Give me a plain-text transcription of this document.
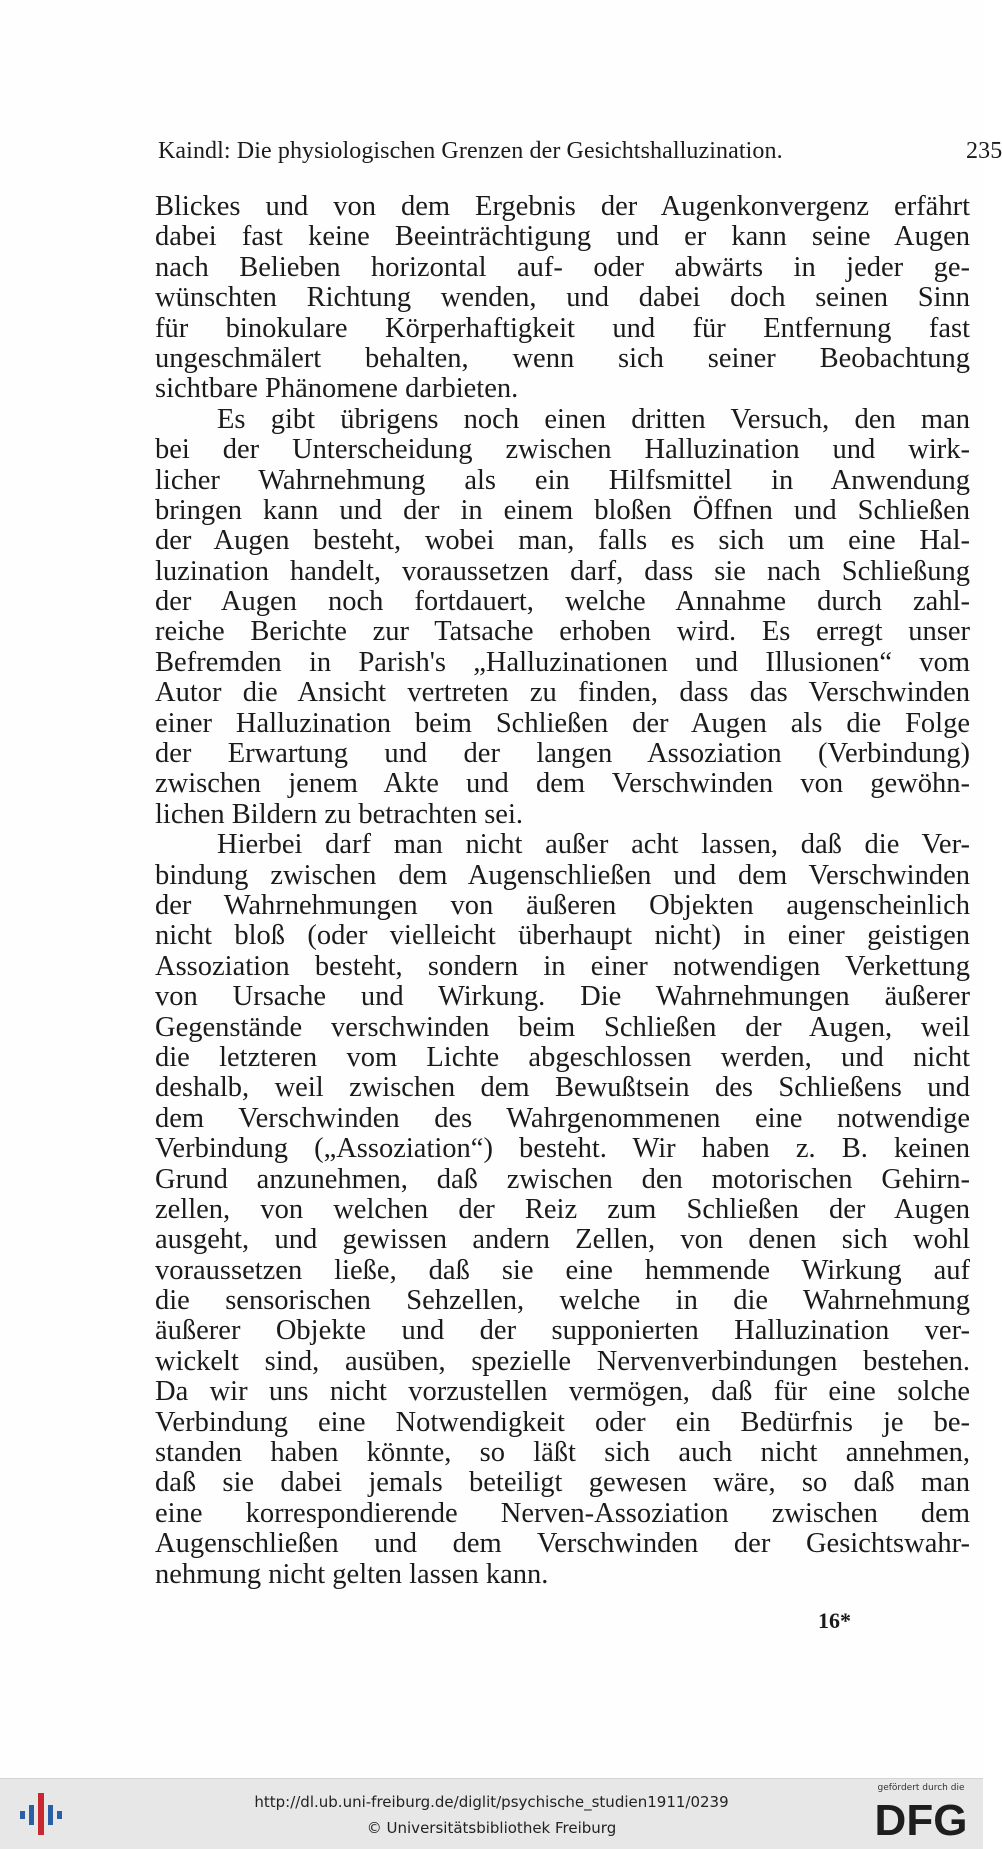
Kaindl: Die physiologischen Grenzen der Gesichtshalluzination.	235
Blickes und von dem Ergebnis der Augenkonvergenz erfährt
dabei fast keine Beeinträchtigung und er kann seine Augen
nach Belieben horizontal auf- oder abwärts in jeder ge-
wünschten Richtung wenden, und dabei doch seinen Sinn
für binokulare Körperhaftigkeit und für Entfernung fast
ungeschmälert behalten, wenn sich seiner Beobachtung
sichtbare Phänomene darbieten.
Es gibt übrigens noch einen dritten Versuch, den man
bei der Unterscheidung zwischen Halluzination und wirk-
licher Wahrnehmung als ein Hilfsmittel in Anwendung
bringen kann und der in einem bloßen Öffnen und Schließen
der Augen besteht, wobei man, falls es sich um eine Hal-
luzination handelt, voraussetzen darf, dass sie nach Schließung
der Augen noch fortdauert, welche Annahme durch zahl-
reiche Berichte zur Tatsache erhoben wird. Es erregt unser
Befremden in Parish's „Halluzinationen und Illusionen“ vom
Autor die Ansicht vertreten zu finden, dass das Verschwinden
einer Halluzination beim Schließen der Augen als die Folge
der Erwartung und der langen Assoziation (Verbindung)
zwischen jenem Akte und dem Verschwinden von gewöhn-
lichen Bildern zu betrachten sei.
Hierbei darf man nicht außer acht lassen, daß die Ver-
bindung zwischen dem Augenschließen und dem Verschwinden
der Wahrnehmungen von äußeren Objekten augenscheinlich
nicht bloß (oder vielleicht überhaupt nicht) in einer geistigen
Assoziation besteht, sondern in einer notwendigen Verkettung
von Ursache und Wirkung. Die Wahrnehmungen äußerer
Gegenstände verschwinden beim Schließen der Augen, weil
die letzteren vom Lichte abgeschlossen werden, und nicht
deshalb, weil zwischen dem Bewußtsein des Schließens und
dem Verschwinden des Wahrgenommenen eine notwendige
Verbindung („Assoziation“) besteht. Wir haben z. B. keinen
Grund anzunehmen, daß zwischen den motorischen Gehirn-
zellen, von welchen der Reiz zum Schließen der Augen
ausgeht, und gewissen andern Zellen, von denen sich wohl
voraussetzen ließe, daß sie eine hemmende Wirkung auf
die sensorischen Sehzellen, welche in die Wahrnehmung
äußerer Objekte und der supponierten Halluzination ver-
wickelt sind, ausüben, spezielle Nervenverbindungen bestehen.
Da wir uns nicht vorzustellen vermögen, daß für eine solche
Verbindung eine Notwendigkeit oder ein Bedürfnis je be-
standen haben könnte, so läßt sich auch nicht annehmen,
daß sie dabei jemals beteiligt gewesen wäre, so daß man
eine korrespondierende Nerven-Assoziation zwischen dem
Augenschließen und dem Verschwinden der Gesichtswahr-
nehmung nicht gelten lassen kann.
16*
http://dl.ub.uni-freiburg.de/diglit/psychische_studien1911/0239
© Universitätsbibliothek Freiburg
gefördert durch die
DFG
